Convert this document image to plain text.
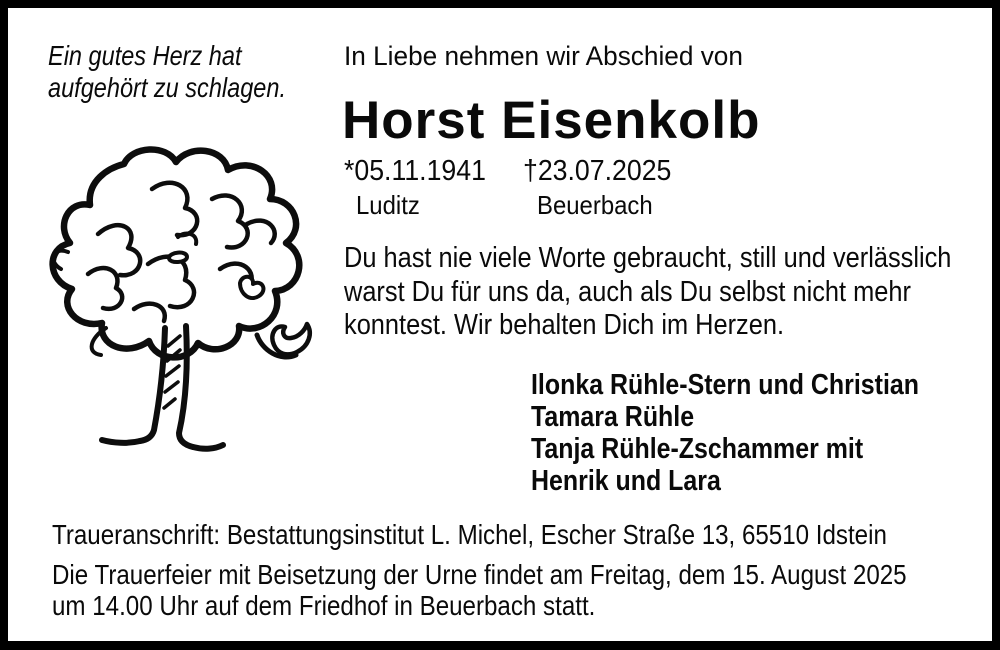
Ein gutes Herz hat
aufgehört zu schlagen.
In Liebe nehmen wir Abschied von
Horst Eisenkolb
*05.11.1941 †23.07.2025
Luditz	Beuerbach

Du hast nie viele Worte gebraucht, still und verlässlich warst Du für uns da, auch als Du selbst nicht mehr konntest. Wir behalten Dich im Herzen.

Ilonka Rühle-Stern und Christian
Tamara Rühle
Tanja Rühle-Zschammer mit
Henrik und Lara
Traueranschrift: Bestattungsinstitut L. Michel, Escher Straße 13, 65510 Idstein
Die Trauerfeier mit Beisetzung der Urne findet am Freitag, dem 15. August 2025
um 14.00 Uhr auf dem Friedhof in Beuerbach statt.
